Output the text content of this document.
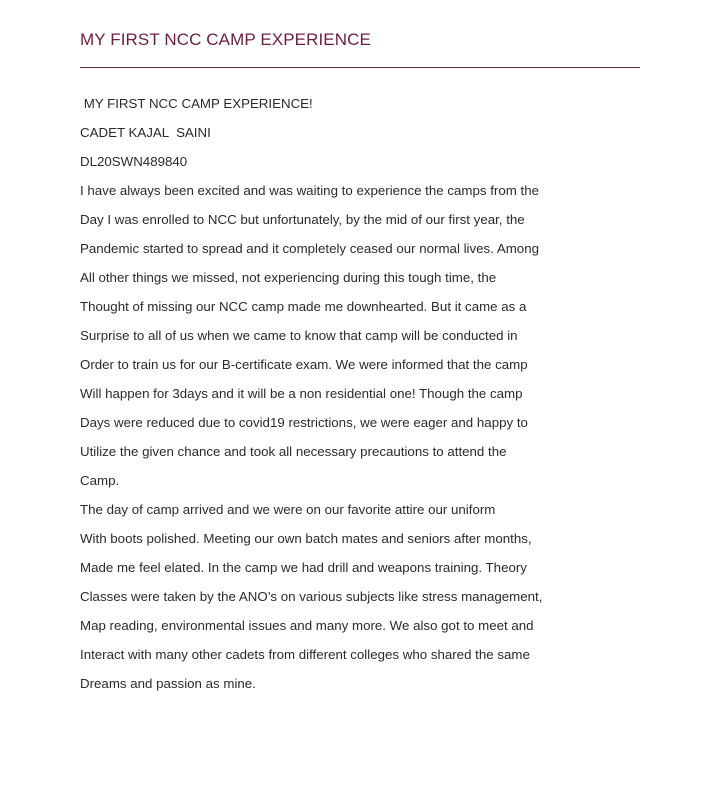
MY FIRST NCC CAMP EXPERIENCE
MY FIRST NCC CAMP EXPERIENCE!
CADET KAJAL  SAINI
DL20SWN489840
I have always been excited and was waiting to experience the camps from the
Day I was enrolled to NCC but unfortunately, by the mid of our first year, the
Pandemic started to spread and it completely ceased our normal lives. Among
All other things we missed, not experiencing during this tough time, the
Thought of missing our NCC camp made me downhearted. But it came as a
Surprise to all of us when we came to know that camp will be conducted in
Order to train us for our B-certificate exam. We were informed that the camp
Will happen for 3days and it will be a non residential one! Though the camp
Days were reduced due to covid19 restrictions, we were eager and happy to
Utilize the given chance and took all necessary precautions to attend the
Camp.
The day of camp arrived and we were on our favorite attire our uniform
With boots polished. Meeting our own batch mates and seniors after months,
Made me feel elated. In the camp we had drill and weapons training. Theory
Classes were taken by the ANO’s on various subjects like stress management,
Map reading, environmental issues and many more. We also got to meet and
Interact with many other cadets from different colleges who shared the same
Dreams and passion as mine.
